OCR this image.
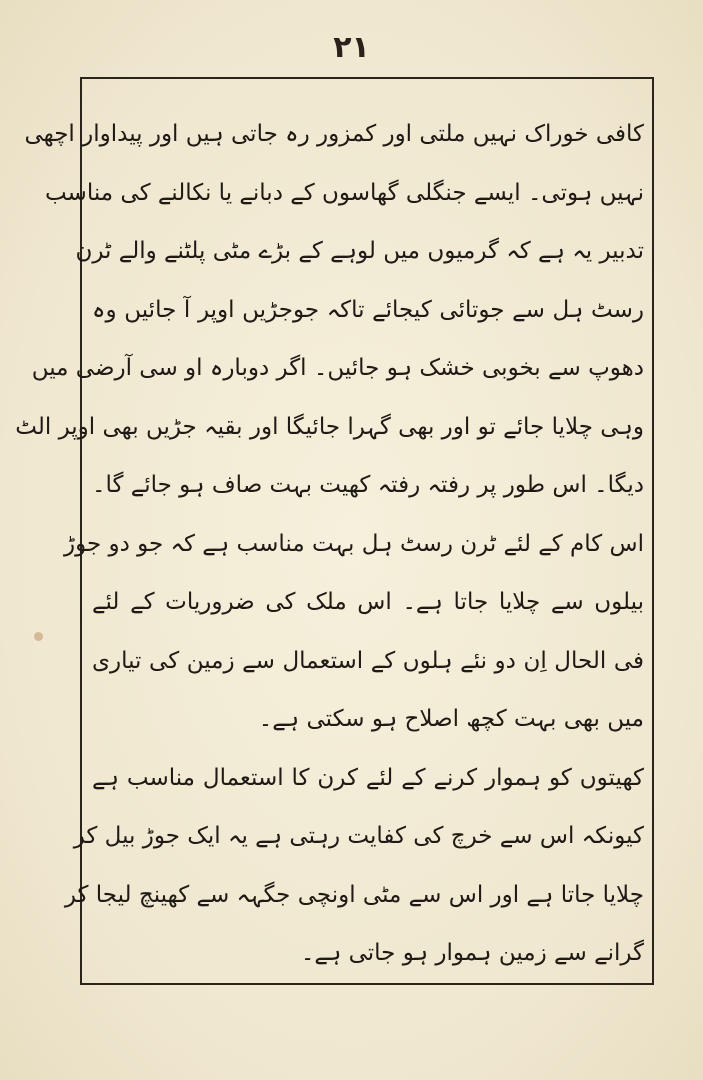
۲۱
کافی خوراک نہیں ملتی اور کمزور رہ جاتی ہیں اور پیداوار اچھی
نہیں ہوتی۔ ایسے جنگلی گھاسوں کے دبانے یا نکالنے کی مناسب
تدبیر یہ ہے کہ گرمیوں میں لوہے کے بڑے مٹی پلٹنے والے ٹرن
رسٹ ہل سے جوتائی کیجائے تاکہ جوجڑیں اوپر آ جائیں وہ
دھوپ سے بخوبی خشک ہو جائیں۔ اگر دوبارہ او سی آرضی میں
وہی چلایا جائے تو اور بھی گہرا جائیگا اور بقیہ جڑیں بھی اوپر الٹ
دیگا۔ اس طور پر رفتہ رفتہ کھیت بہت صاف ہو جائے گا۔
اس کام کے لئے ٹرن رسٹ ہل بہت مناسب ہے کہ جو دو جوڑ
بیلوں سے چلایا جاتا ہے۔ اس ملک کی ضروریات کے لئے
فی الحال اِن دو نئے ہلوں کے استعمال سے زمین کی تیاری
میں بھی بہت کچھ اصلاح ہو سکتی ہے۔
کھیتوں کو ہموار کرنے کے لئے کرن کا استعمال مناسب ہے
کیونکہ اس سے خرچ کی کفایت رہتی ہے یہ ایک جوڑ بیل کر
چلایا جاتا ہے اور اس سے مٹی اونچی جگہہ سے کھینچ لیجا کر
گرانے سے زمین ہموار ہو جاتی ہے۔
